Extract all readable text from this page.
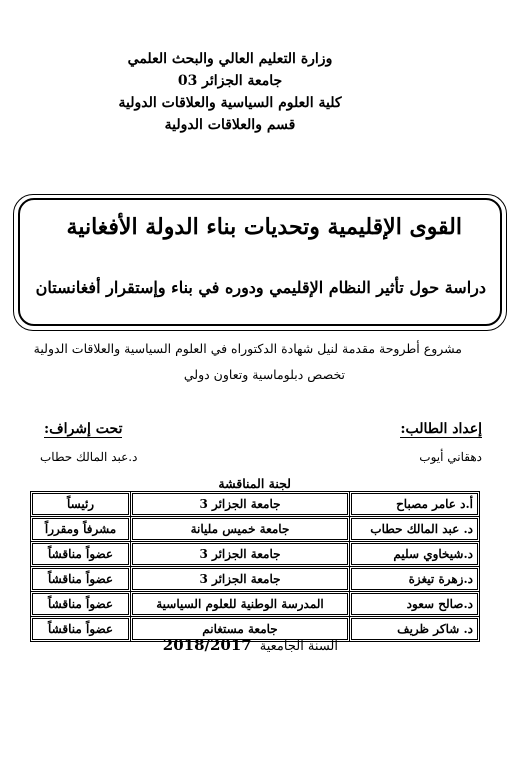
وزارة التعليم العالي والبحث العلمي
جامعة الجزائر 03
كلية العلوم السياسية والعلاقات الدولية
قسم والعلاقات الدولية
القوى الإقليمية وتحديات بناء الدولة الأفغانية
دراسة حول تأثير النظام الإقليمي ودوره في بناء وإستقرار أفغانستان
مشروع أطروحة مقدمة لنيل شهادة الدكتوراه في العلوم السياسية والعلاقات الدولية
تخصص دبلوماسية وتعاون دولي
إعداد الطالب:
دهقاني أيوب
تحت إشراف:
د.عبد المالك حطاب
لجنة المناقشة
أ.د عامر مصباح	جامعة الجزائر 3	رئيساً
د. عبد المالك حطاب	جامعة خميس مليانة	مشرفاً ومقرراً
د.شيخاوي سليم	جامعة الجزائر 3	عضواً مناقشاً
د.زهرة تيغزة	جامعة الجزائر 3	عضواً مناقشاً
د.صالح سعود	المدرسة الوطنية للعلوم السياسية	عضواً مناقشاً
د. شاكر ظريف	جامعة مستغانم	عضواً مناقشاً
السنة الجامعية2018/2017
